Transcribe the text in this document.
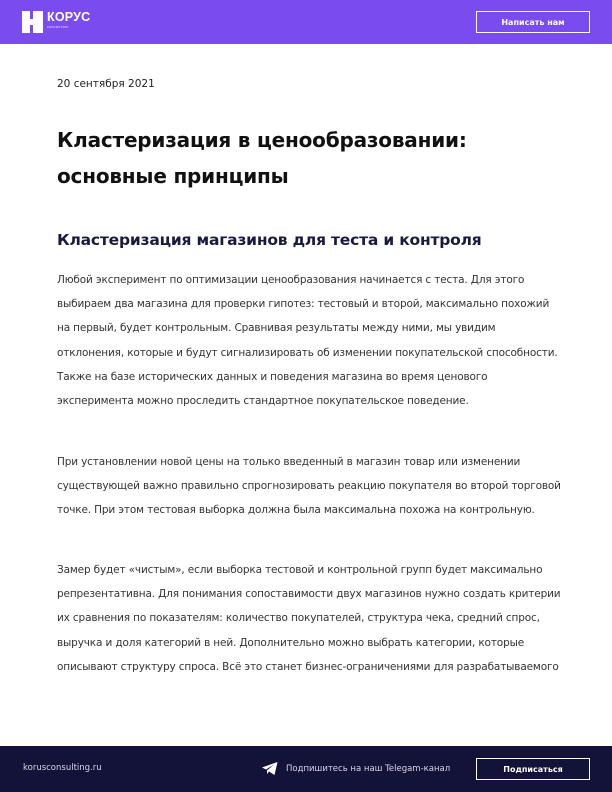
КОРУС
консалтинг
Написать нам
20 сентября 2021
Кластеризация в ценообразовании: основные принципы
Кластеризация магазинов для теста и контроля

Любой эксперимент по оптимизации ценообразования начинается с теста. Для этого выбираем два магазина для проверки гипотез: тестовый и второй, максимально похожий на первый, будет контрольным. Сравнивая результаты между ними, мы увидим отклонения, которые и будут сигнализировать об изменении покупательской способности. Также на базе исторических данных и поведения магазина во время ценового эксперимента можно проследить стандартное покупательское поведение.

При установлении новой цены на только введенный в магазин товар или изменении существующей важно правильно спрогнозировать реакцию покупателя во второй торговой точке. При этом тестовая выборка должна была максимальна похожа на контрольную.

Замер будет «чистым», если выборка тестовой и контрольной групп будет максимально репрезентативна. Для понимания сопоставимости двух магазинов нужно создать критерии их сравнения по показателям: количество покупателей, структура чека, средний спрос, выручка и доля категорий в ней. Дополнительно можно выбрать категории, которые описывают структуру спроса. Всё это станет бизнес-ограничениями для разрабатываемого

korusconsulting.ru	Подпишитесь на наш Telegam-канал	Подписаться
